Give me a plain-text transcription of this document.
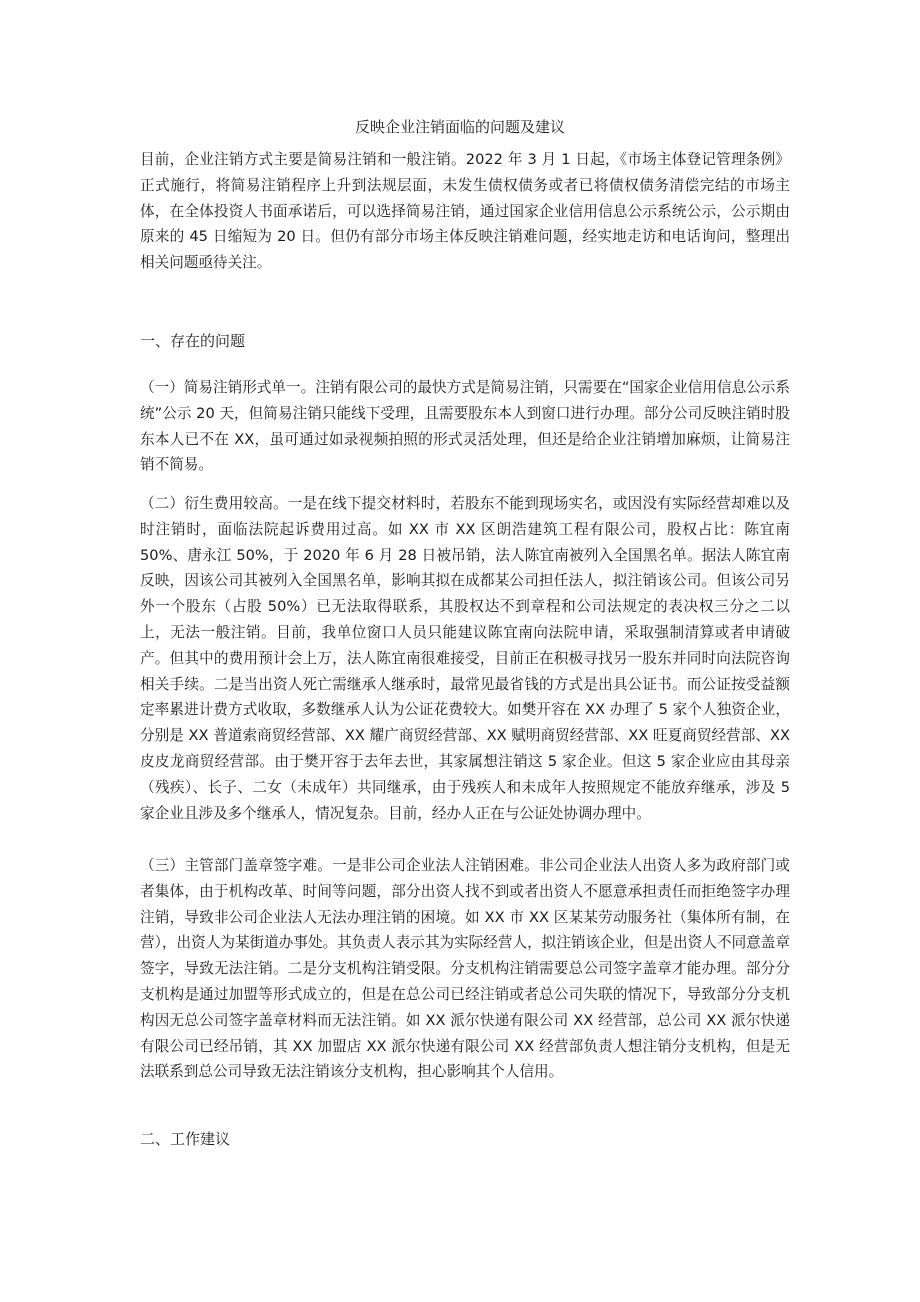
反映企业注销面临的问题及建议

目前，企业注销方式主要是简易注销和一般注销。2022 年 3 月 1 日起，《市场主体登记管理条例》正式施行，将简易注销程序上升到法规层面，未发生债权债务或者已将债权债务清偿完结的市场主体，在全体投资人书面承诺后，可以选择简易注销，通过国家企业信用信息公示系统公示，公示期由原来的 45 日缩短为 20 日。但仍有部分市场主体反映注销难问题，经实地走访和电话询问，整理出相关问题亟待关注。

一、存在的问题

（一）简易注销形式单一。注销有限公司的最快方式是简易注销，只需要在“国家企业信用信息公示系统”公示 20 天，但简易注销只能线下受理，且需要股东本人到窗口进行办理。部分公司反映注销时股东本人已不在 XX，虽可通过如录视频拍照的形式灵活处理，但还是给企业注销增加麻烦，让简易注销不简易。

（二）衍生费用较高。一是在线下提交材料时，若股东不能到现场实名，或因没有实际经营却难以及时注销时，面临法院起诉费用过高。如 XX 市 XX 区朗浩建筑工程有限公司，股权占比：陈宜南 50%、唐永江 50%，于 2020 年 6 月 28 日被吊销，法人陈宜南被列入全国黑名单。据法人陈宜南反映，因该公司其被列入全国黑名单，影响其拟在成都某公司担任法人，拟注销该公司。但该公司另外一个股东（占股 50%）已无法取得联系，其股权达不到章程和公司法规定的表决权三分之二以上，无法一般注销。目前，我单位窗口人员只能建议陈宜南向法院申请，采取强制清算或者申请破产。但其中的费用预计会上万，法人陈宜南很难接受，目前正在积极寻找另一股东并同时向法院咨询相关手续。二是当出资人死亡需继承人继承时，最常见最省钱的方式是出具公证书。而公证按受益额定率累进计费方式收取，多数继承人认为公证花费较大。如樊开容在 XX 办理了 5 家个人独资企业，分别是 XX 普道索商贸经营部、XX 耀广商贸经营部、XX 赋明商贸经营部、XX 旺夏商贸经营部、XX 皮皮龙商贸经营部。由于樊开容于去年去世，其家属想注销这 5 家企业。但这 5 家企业应由其母亲（残疾）、长子、二女（未成年）共同继承，由于残疾人和未成年人按照规定不能放弃继承，涉及 5 家企业且涉及多个继承人，情况复杂。目前，经办人正在与公证处协调办理中。

（三）主管部门盖章签字难。一是非公司企业法人注销困难。非公司企业法人出资人多为政府部门或者集体，由于机构改革、时间等问题，部分出资人找不到或者出资人不愿意承担责任而拒绝签字办理注销，导致非公司企业法人无法办理注销的困境。如 XX 市 XX 区某某劳动服务社（集体所有制，在营），出资人为某街道办事处。其负责人表示其为实际经营人，拟注销该企业，但是出资人不同意盖章签字，导致无法注销。二是分支机构注销受限。分支机构注销需要总公司签字盖章才能办理。部分分支机构是通过加盟等形式成立的，但是在总公司已经注销或者总公司失联的情况下，导致部分分支机构因无总公司签字盖章材料而无法注销。如 XX 派尔快递有限公司 XX 经营部，总公司 XX 派尔快递有限公司已经吊销，其 XX 加盟店 XX 派尔快递有限公司 XX 经营部负责人想注销分支机构，但是无法联系到总公司导致无法注销该分支机构，担心影响其个人信用。

二、工作建议
